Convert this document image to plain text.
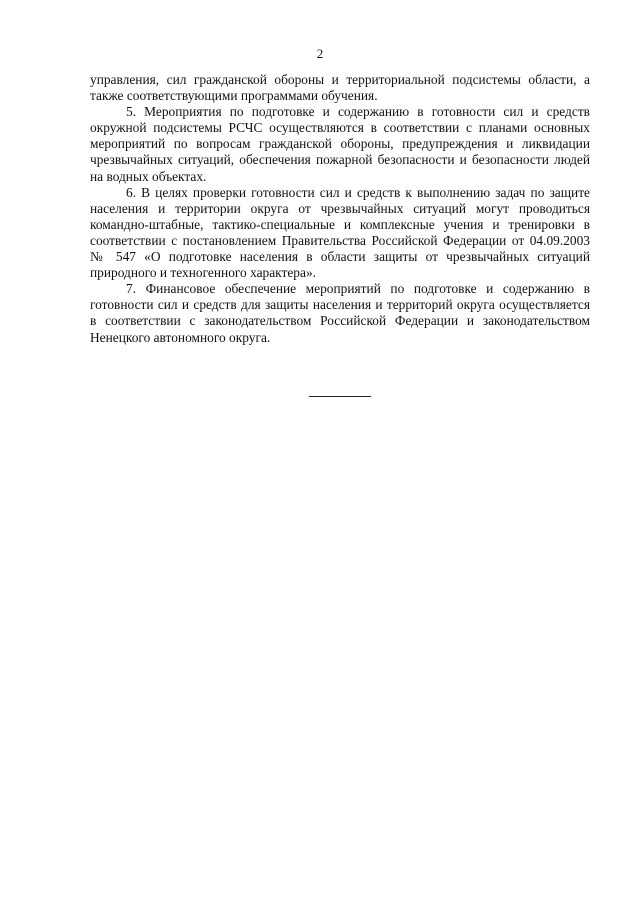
2

управления, сил гражданской обороны и территориальной подсистемы области, а также соответствующими программами обучения.

5. Мероприятия по подготовке и содержанию в готовности сил и средств окружной подсистемы РСЧС осуществляются в соответствии с планами основных мероприятий по вопросам гражданской обороны, предупреждения и ликвидации чрезвычайных ситуаций, обеспечения пожарной безопасности и безопасности людей на водных объектах.

6. В целях проверки готовности сил и средств к выполнению задач по защите населения и территории округа от чрезвычайных ситуаций могут проводиться командно-штабные, тактико-специальные и комплексные учения и тренировки в соответствии с постановлением Правительства Российской Федерации от 04.09.2003 № 547 «О подготовке населения в области защиты от чрезвычайных ситуаций природного и техногенного характера».

7. Финансовое обеспечение мероприятий по подготовке и содержанию в готовности сил и средств для защиты населения и территорий округа осуществляется в соответствии с законодательством Российской Федерации и законодательством Ненецкого автономного округа.
